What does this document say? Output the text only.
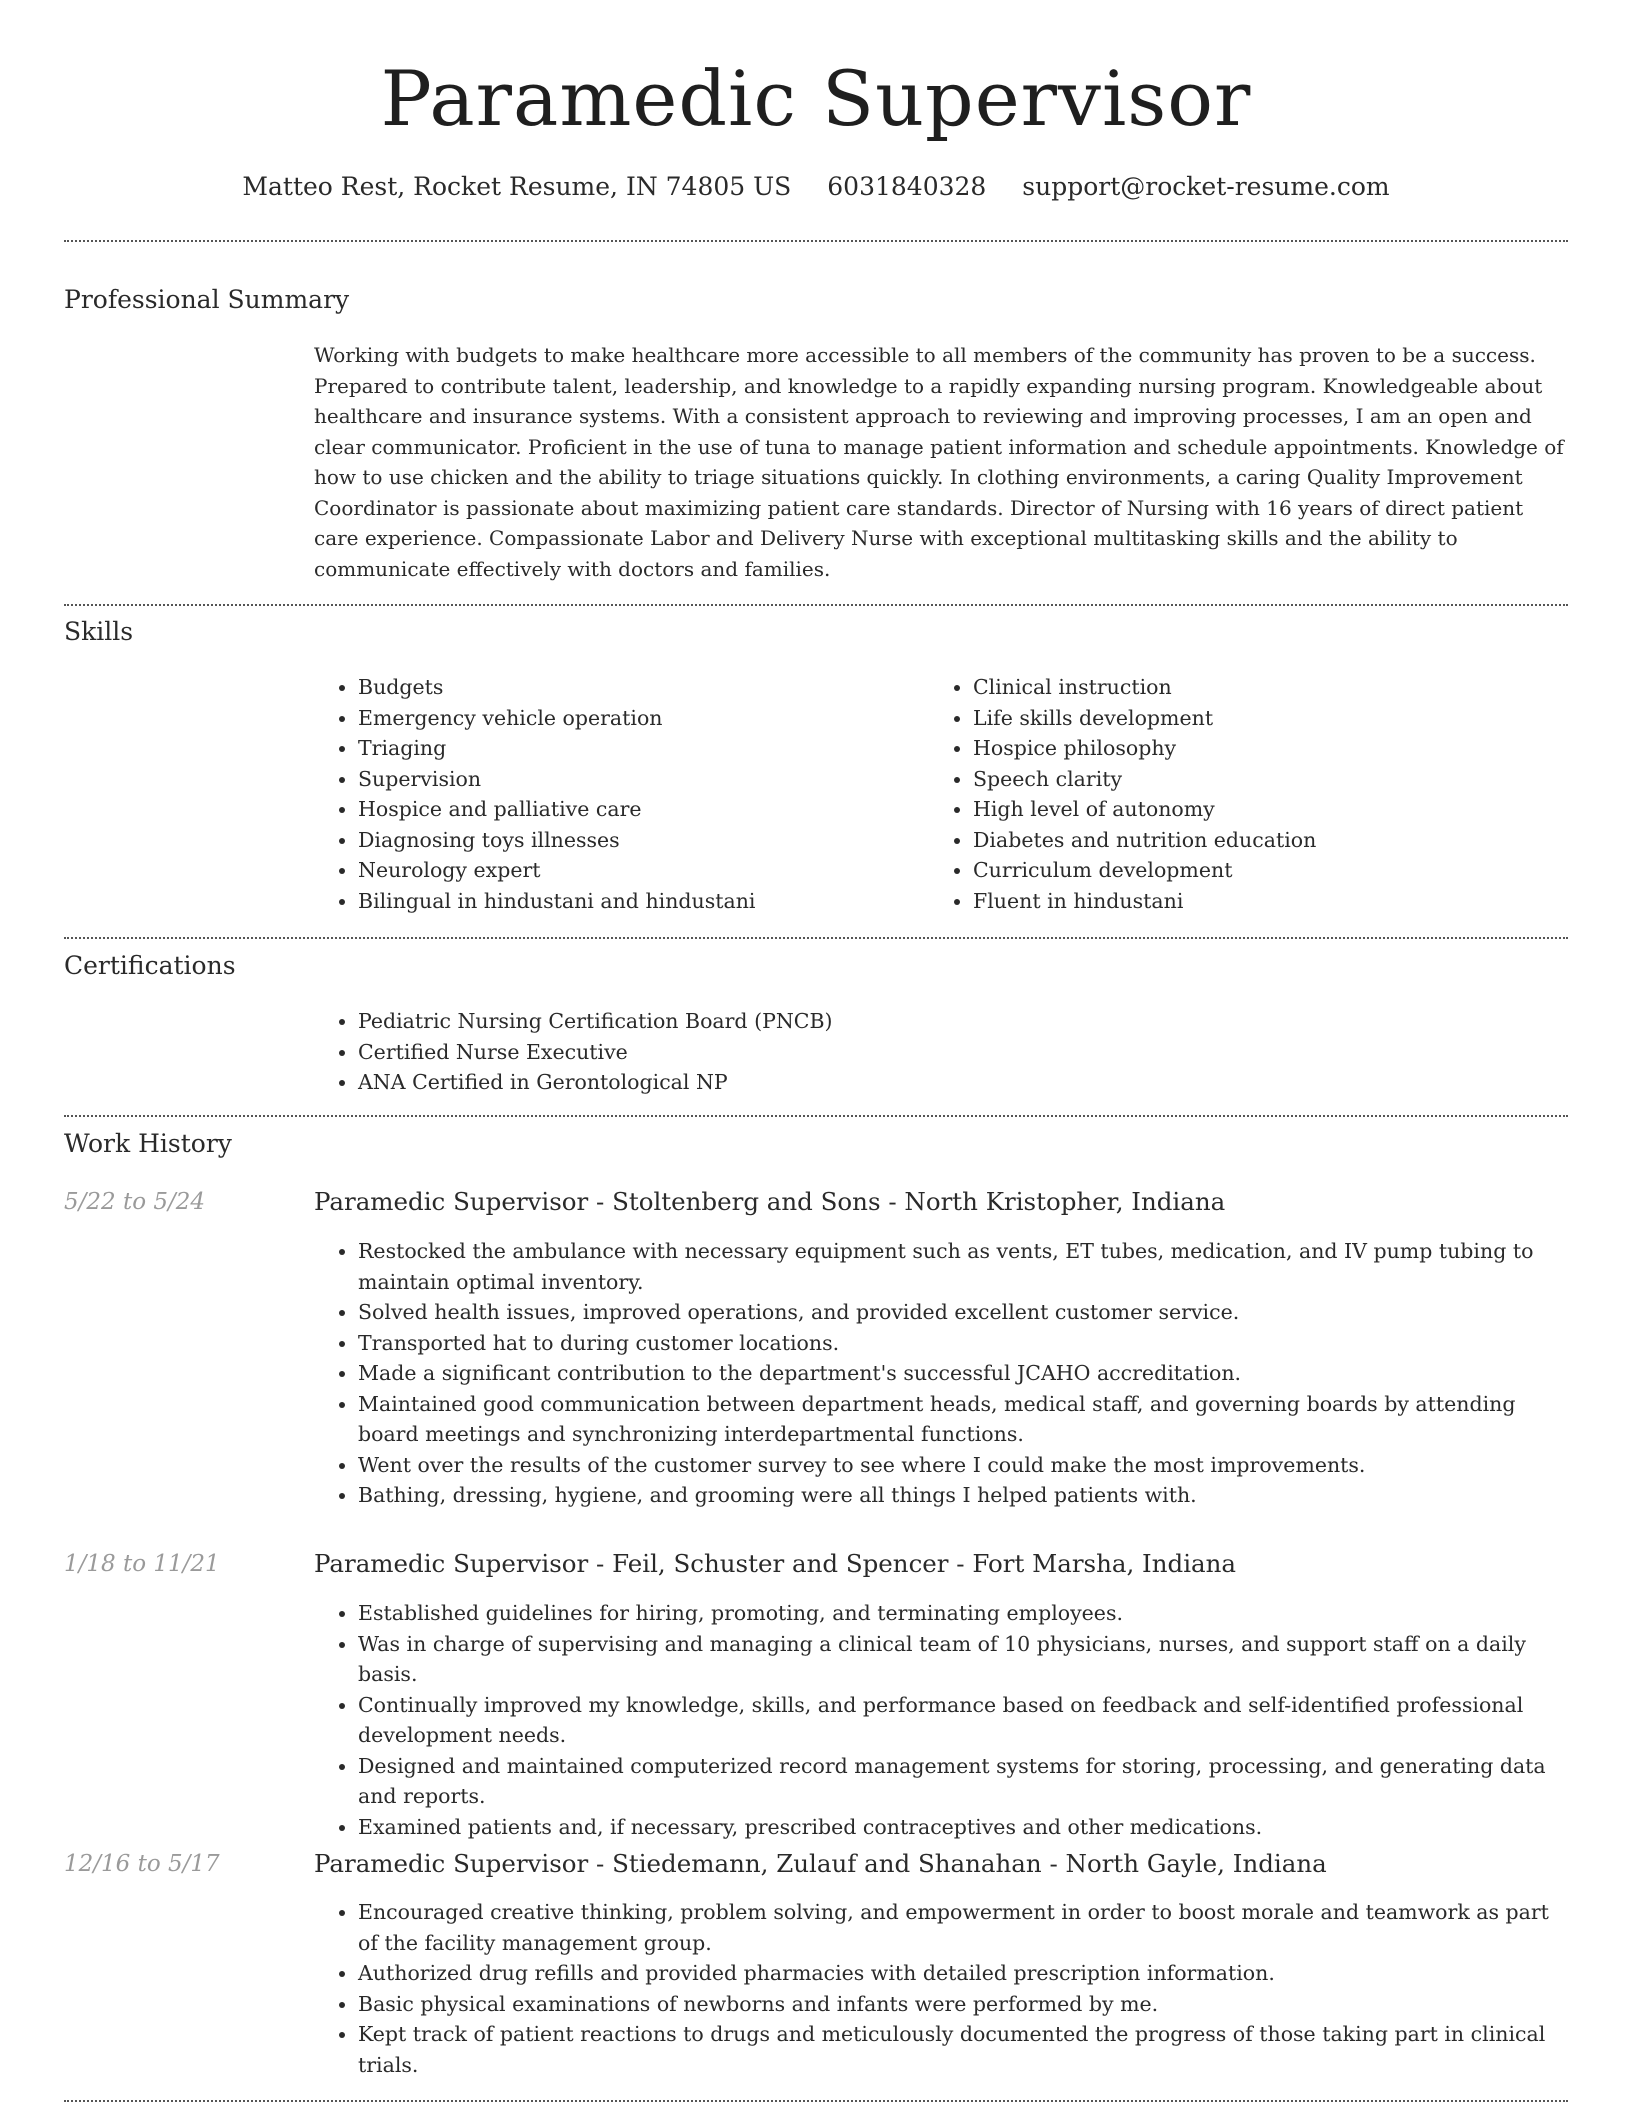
Paramedic Supervisor
Matteo Rest, Rocket Resume, IN 74805 US 6031840328 support@rocket-resume.com
Professional Summary
Working with budgets to make healthcare more accessible to all members of the community has proven to be a success. Prepared to contribute talent, leadership, and knowledge to a rapidly expanding nursing program. Knowledgeable about healthcare and insurance systems. With a consistent approach to reviewing and improving processes, I am an open and clear communicator. Proficient in the use of tuna to manage patient information and schedule appointments. Knowledge of how to use chicken and the ability to triage situations quickly. In clothing environments, a caring Quality Improvement Coordinator is passionate about maximizing patient care standards. Director of Nursing with 16 years of direct patient care experience. Compassionate Labor and Delivery Nurse with exceptional multitasking skills and the ability to communicate effectively with doctors and families.
Skills
• Budgets
• Emergency vehicle operation
• Triaging
• Supervision
• Hospice and palliative care
• Diagnosing toys illnesses
• Neurology expert
• Bilingual in hindustani and hindustani
• Clinical instruction
• Life skills development
• Hospice philosophy
• Speech clarity
• High level of autonomy
• Diabetes and nutrition education
• Curriculum development
• Fluent in hindustani
Certifications
• Pediatric Nursing Certification Board (PNCB)
• Certified Nurse Executive
• ANA Certified in Gerontological NP
Work History
5/22 to 5/24	Paramedic Supervisor - Stoltenberg and Sons - North Kristopher, Indiana
• Restocked the ambulance with necessary equipment such as vents, ET tubes, medication, and IV pump tubing to maintain optimal inventory.
• Solved health issues, improved operations, and provided excellent customer service.
• Transported hat to during customer locations.
• Made a significant contribution to the department's successful JCAHO accreditation.
• Maintained good communication between department heads, medical staff, and governing boards by attending board meetings and synchronizing interdepartmental functions.
• Went over the results of the customer survey to see where I could make the most improvements.
• Bathing, dressing, hygiene, and grooming were all things I helped patients with.
1/18 to 11/21	Paramedic Supervisor - Feil, Schuster and Spencer - Fort Marsha, Indiana
• Established guidelines for hiring, promoting, and terminating employees.
• Was in charge of supervising and managing a clinical team of 10 physicians, nurses, and support staff on a daily basis.
• Continually improved my knowledge, skills, and performance based on feedback and self-identified professional development needs.
• Designed and maintained computerized record management systems for storing, processing, and generating data and reports.
• Examined patients and, if necessary, prescribed contraceptives and other medications.
12/16 to 5/17	Paramedic Supervisor - Stiedemann, Zulauf and Shanahan - North Gayle, Indiana
• Encouraged creative thinking, problem solving, and empowerment in order to boost morale and teamwork as part of the facility management group.
• Authorized drug refills and provided pharmacies with detailed prescription information.
• Basic physical examinations of newborns and infants were performed by me.
• Kept track of patient reactions to drugs and meticulously documented the progress of those taking part in clinical trials.
